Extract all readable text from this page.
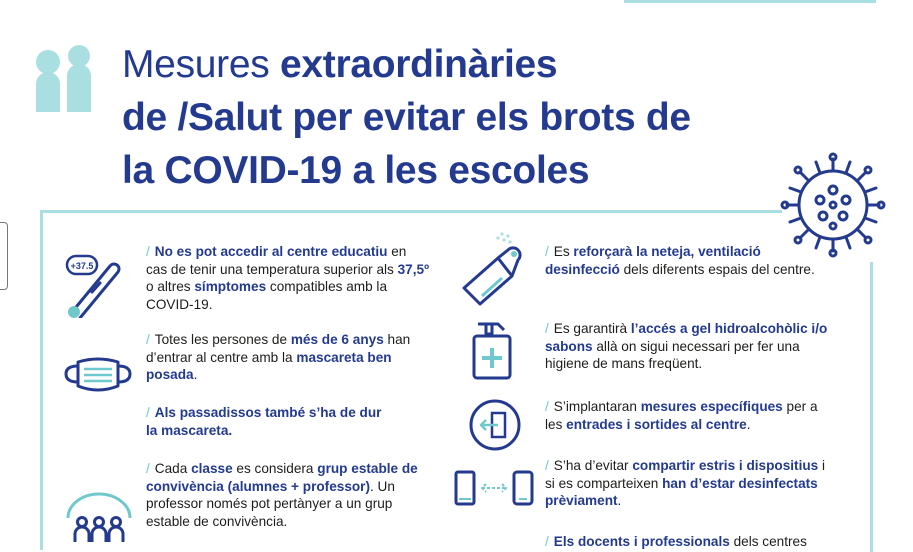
Mesures extraordinàries
de /Salut per evitar els brots de
la COVID-19 a les escoles
+37.5
/ No es pot accedir al centre educatiu en cas de tenir una temperatura superior als 37,5º o altres símptomes compatibles amb la COVID-19.
/ Totes les persones de més de 6 anys han d’entrar al centre amb la mascareta ben posada.
/ Als passadissos també s’ha de dur
la mascareta.
/ Cada classe es considera grup estable de convivència (alumnes + professor). Un professor només pot pertànyer a un grup estable de convivència.
/ Es reforçarà la neteja, ventilació desinfecció dels diferents espais del centre.
/ Es garantirà l’accés a gel hidroalcohòlic i/o sabons allà on sigui necessari per fer una higiene de mans freqüent.
/ S’implantaran mesures específiques per a les entrades i sortides al centre.
/ S’ha d’evitar compartir estris i dispositius i si es comparteixen han d’estar desinfectats prèviament.
/ Els docents i professionals dels centres
